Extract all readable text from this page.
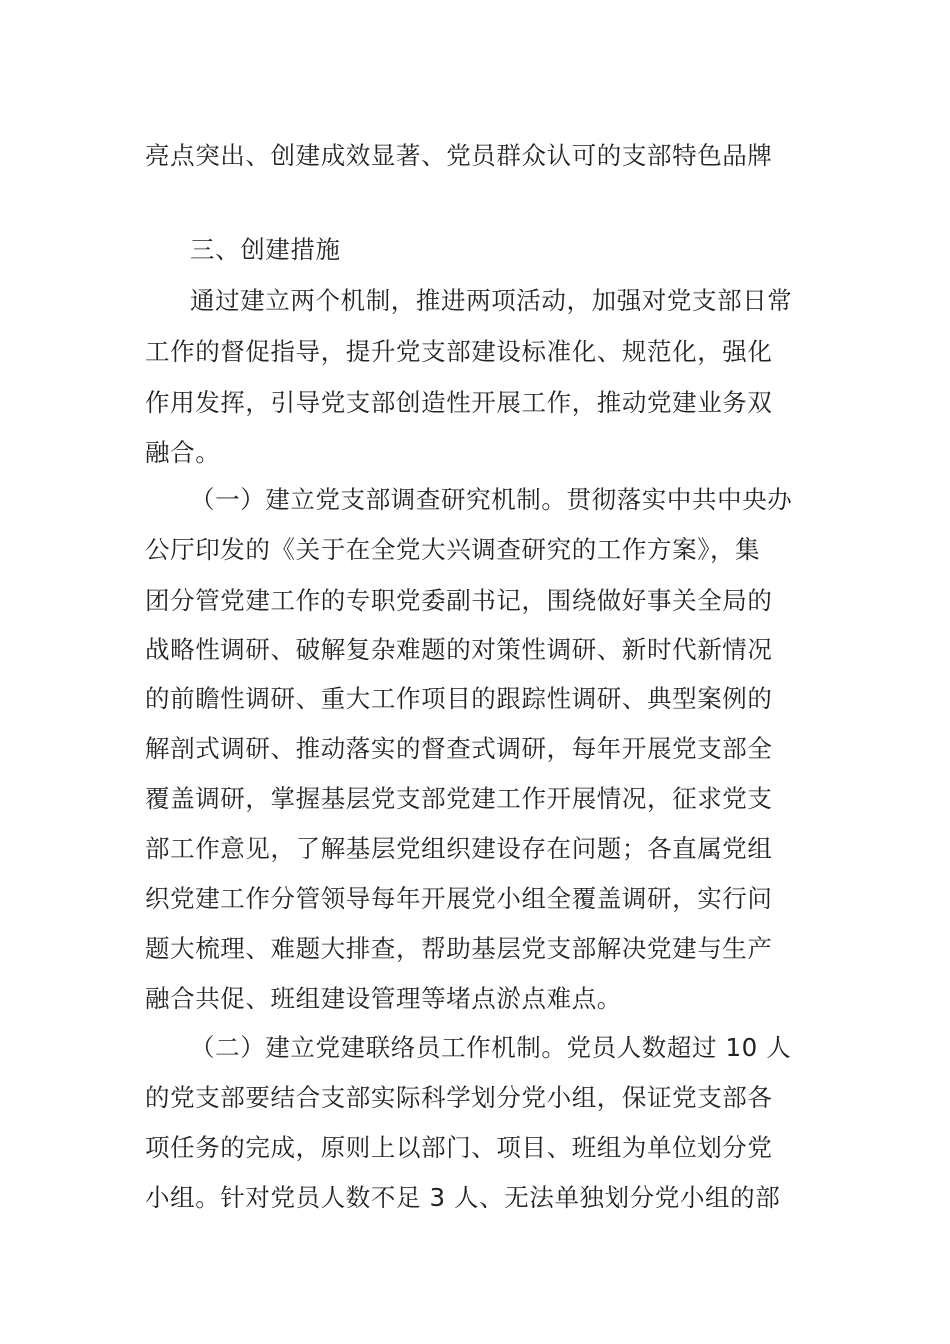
亮点突出、创建成效显著、党员群众认可的支部特色品牌
三、创建措施
通过建立两个机制，推进两项活动，加强对党支部日常
工作的督促指导，提升党支部建设标准化、规范化，强化
作用发挥，引导党支部创造性开展工作，推动党建业务双
融合。
（一）建立党支部调查研究机制。贯彻落实中共中央办
公厅印发的《关于在全党大兴调查研究的工作方案》，集
团分管党建工作的专职党委副书记，围绕做好事关全局的
战略性调研、破解复杂难题的对策性调研、新时代新情况
的前瞻性调研、重大工作项目的跟踪性调研、典型案例的
解剖式调研、推动落实的督查式调研，每年开展党支部全
覆盖调研，掌握基层党支部党建工作开展情况，征求党支
部工作意见，了解基层党组织建设存在问题；各直属党组
织党建工作分管领导每年开展党小组全覆盖调研，实行问
题大梳理、难题大排查，帮助基层党支部解决党建与生产
融合共促、班组建设管理等堵点淤点难点。
（二）建立党建联络员工作机制。党员人数超过 10 人
的党支部要结合支部实际科学划分党小组，保证党支部各
项任务的完成，原则上以部门、项目、班组为单位划分党
小组。针对党员人数不足 3 人、无法单独划分党小组的部
